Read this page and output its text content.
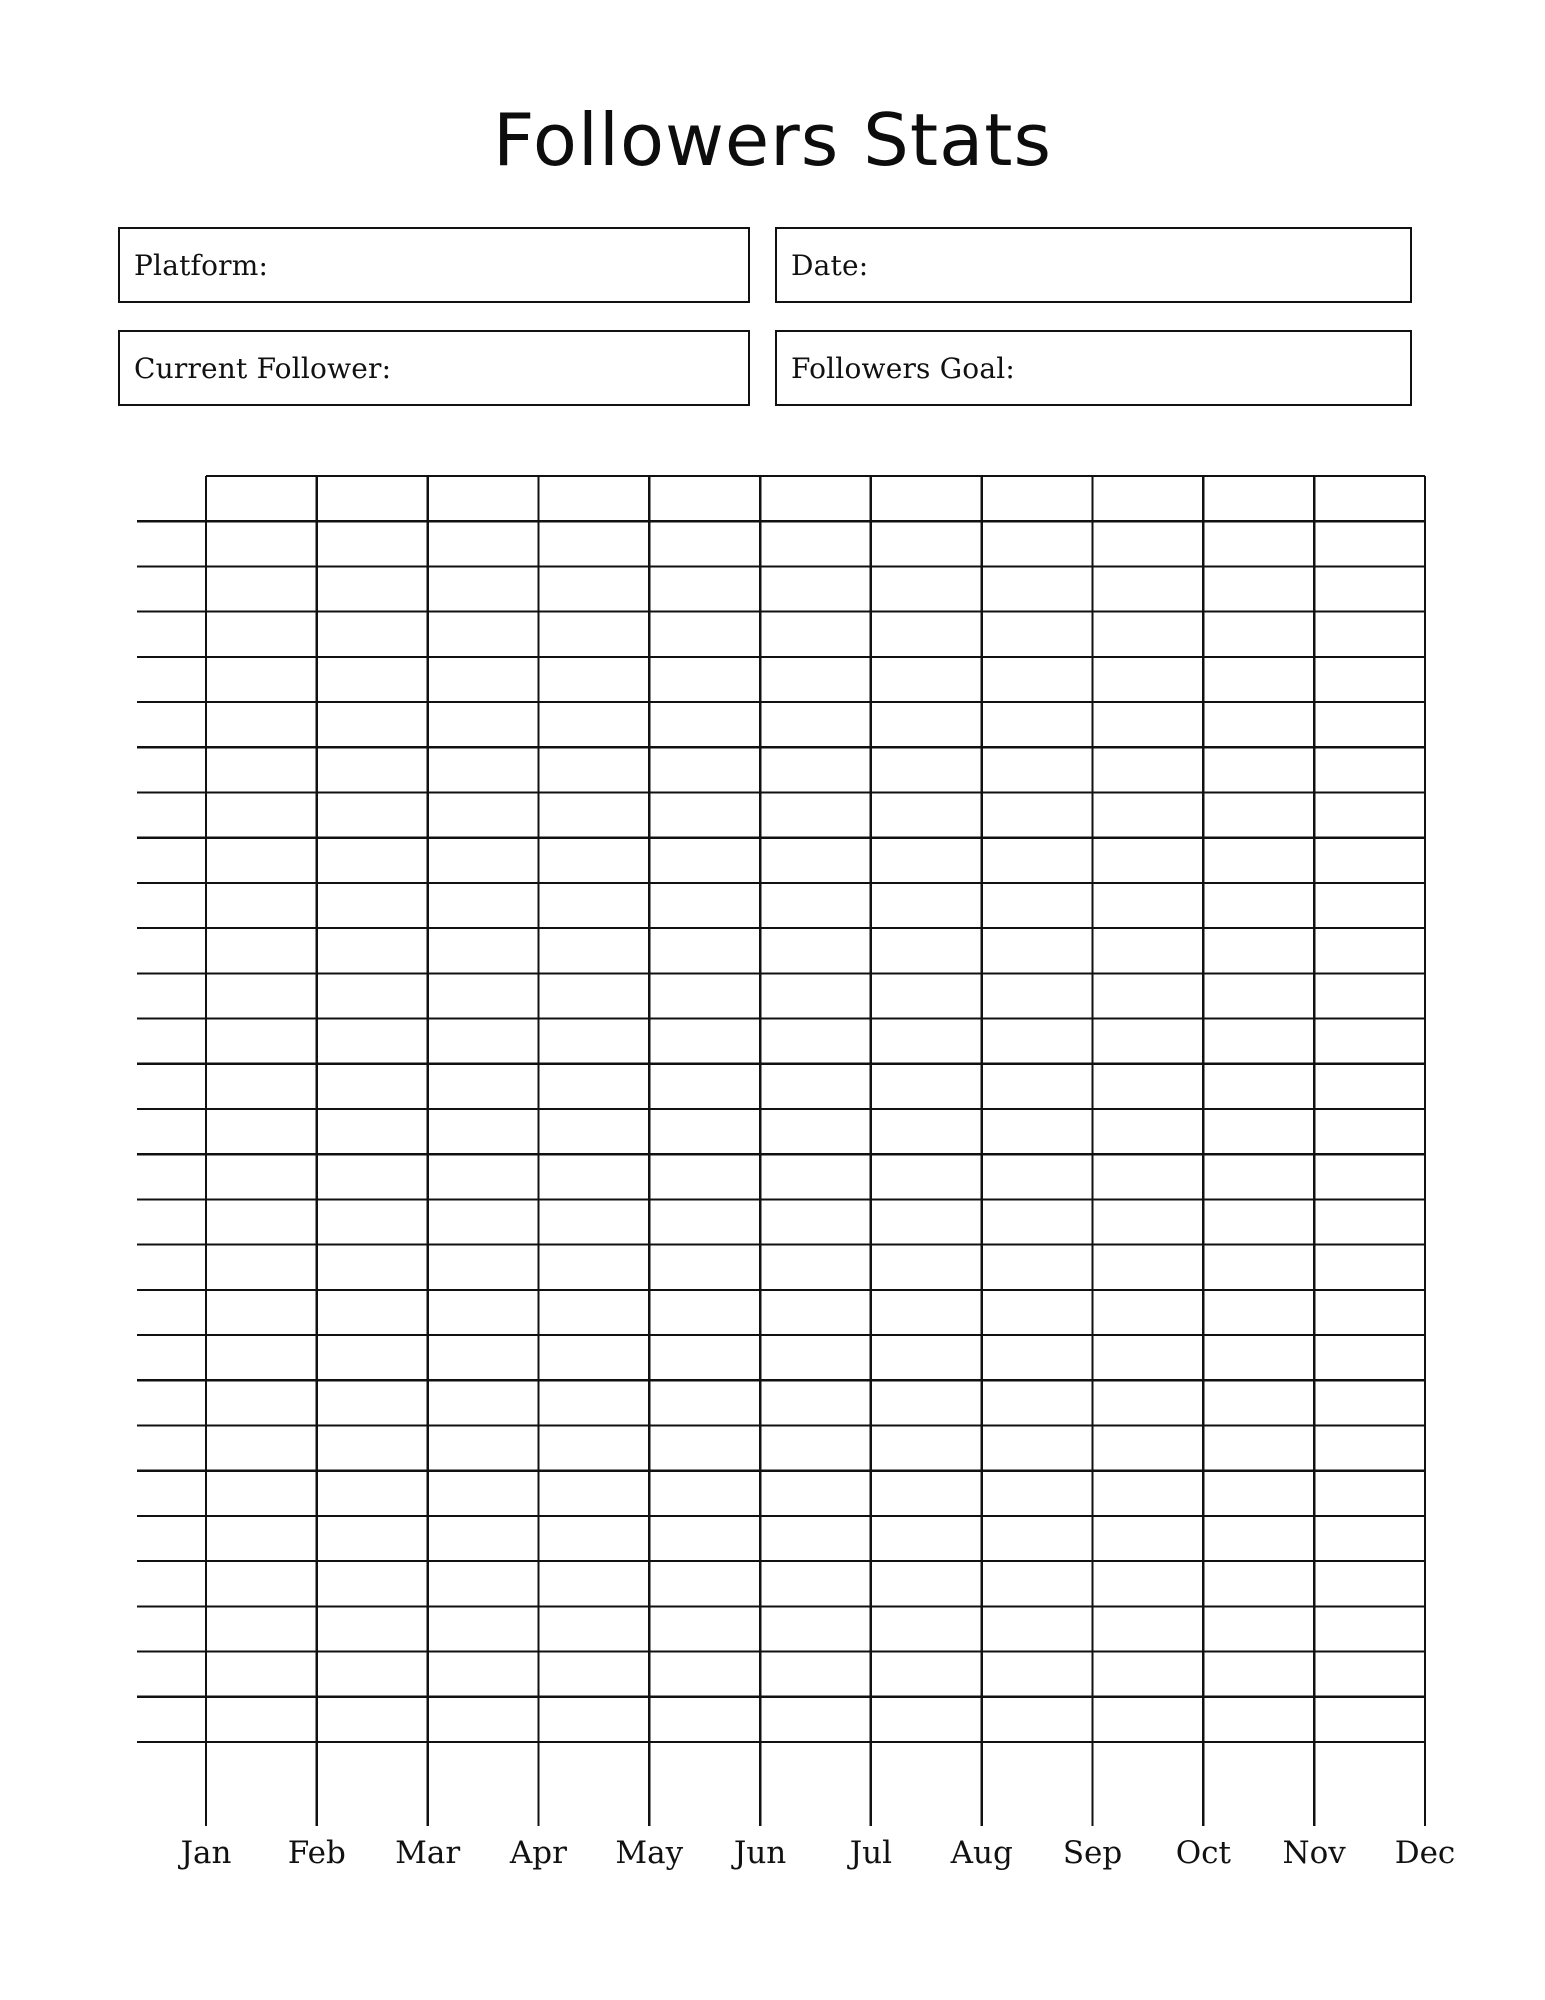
Followers Stats
Platform:	Date:
Current Follower:	Followers Goal:
Jan	Feb	Mar	Apr	May	Jun	Jul	Aug	Sep	Oct	Nov	Dec
